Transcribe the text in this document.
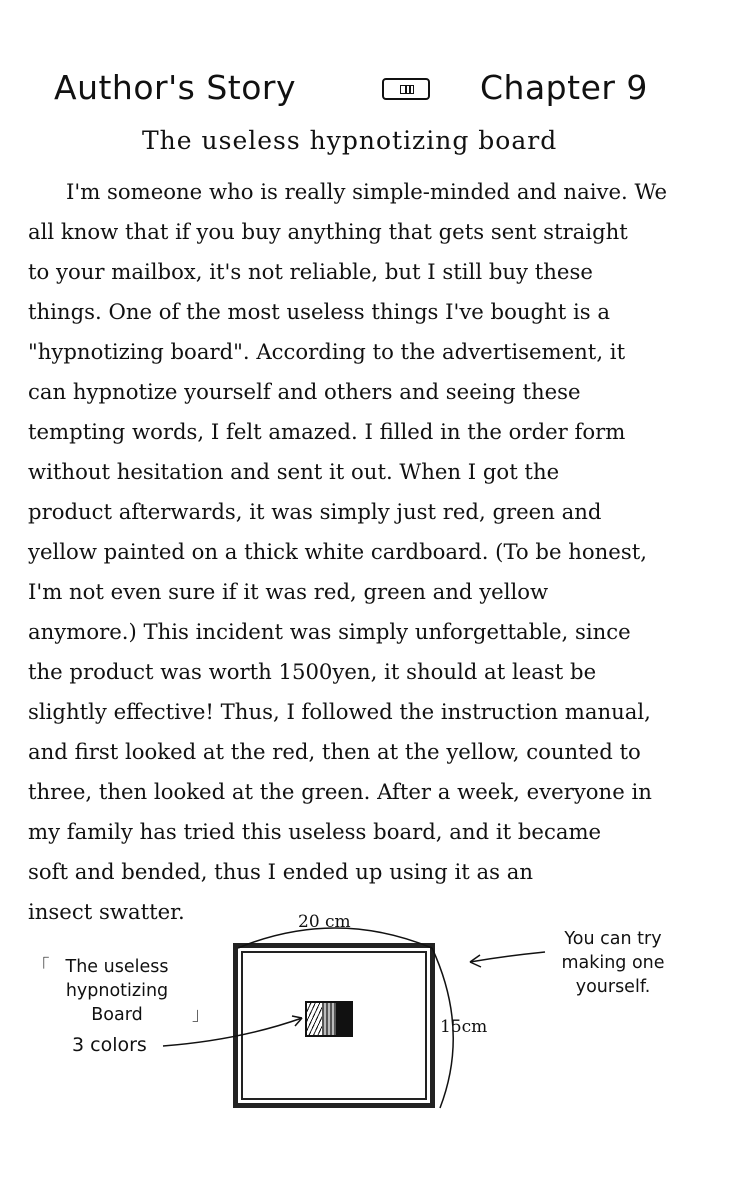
Author's Story	Chapter 9
The useless hypnotizing board
I'm someone who is really simple-minded and naive. We
all know that if you buy anything that gets sent straight
to your mailbox, it's not reliable, but I still buy these
things. One of the most useless things I've bought is a
"hypnotizing board". According to the advertisement, it
can hypnotize yourself and others and seeing these
tempting words, I felt amazed. I filled in the order form
without hesitation and sent it out. When I got the
product afterwards, it was simply just red, green and
yellow painted on a thick white cardboard. (To be honest,
I'm not even sure if it was red, green and yellow
anymore.) This incident was simply unforgettable, since
the product was worth 1500yen, it should at least be
slightly effective! Thus, I followed the instruction manual,
and first looked at the red, then at the yellow, counted to
three, then looked at the green. After a week, everyone in
my family has tried this useless board, and it became
soft and bended, thus I ended up using it as an
insect swatter.	20 cm
15cm
「 The useless
hypnotizing
Board	」
3 colors
You can try
making one
yourself.
